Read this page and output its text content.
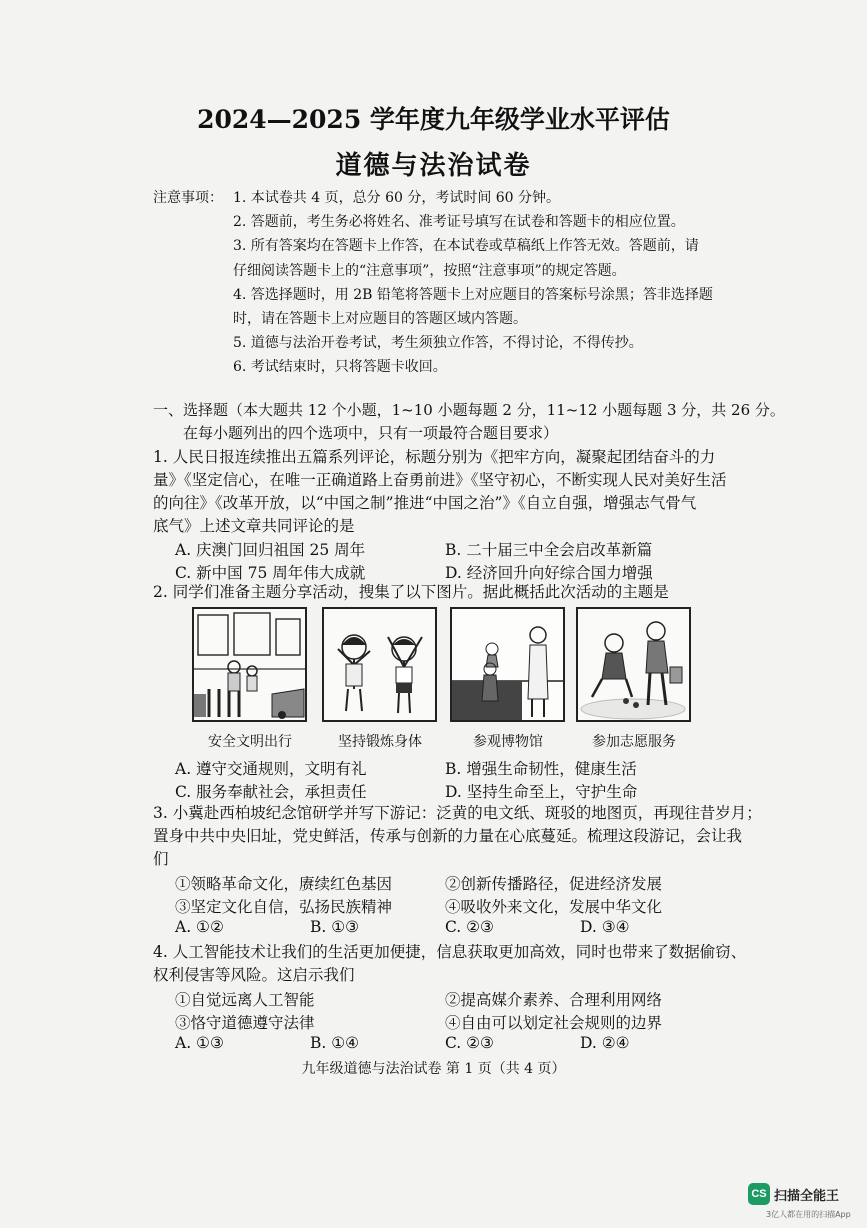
2024—2025 学年度九年级学业水平评估
道德与法治试卷
注意事项： 1. 本试卷共 4 页，总分 60 分，考试时间 60 分钟。
2. 答题前，考生务必将姓名、准考证号填写在试卷和答题卡的相应位置。
3. 所有答案均在答题卡上作答，在本试卷或草稿纸上作答无效。答题前，请
仔细阅读答题卡上的“注意事项”，按照“注意事项”的规定答题。
4. 答选择题时，用 2B 铅笔将答题卡上对应题目的答案标号涂黑；答非选择题
时，请在答题卡上对应题目的答题区域内答题。
5. 道德与法治开卷考试，考生须独立作答，不得讨论，不得传抄。
6. 考试结束时，只将答题卡收回。
一、选择题（本大题共 12 个小题，1~10 小题每题 2 分，11~12 小题每题 3 分，共 26 分。
在每小题列出的四个选项中，只有一项最符合题目要求）
1. 人民日报连续推出五篇系列评论，标题分别为《把牢方向，凝聚起团结奋斗的力
量》《坚定信心，在唯一正确道路上奋勇前进》《坚守初心，不断实现人民对美好生活
的向往》《改革开放，以“中国之制”推进“中国之治”》《自立自强，增强志气骨气
底气》上述文章共同评论的是
A. 庆澳门回归祖国 25 周年	B. 二十届三中全会启改革新篇
C. 新中国 75 周年伟大成就	D. 经济回升向好综合国力增强
2. 同学们准备主题分享活动，搜集了以下图片。据此概括此次活动的主题是
安全文明出行	坚持锻炼身体	参观博物馆	参加志愿服务
A. 遵守交通规则，文明有礼	B. 增强生命韧性，健康生活
C. 服务奉献社会，承担责任	D. 坚持生命至上，守护生命
3. 小冀赴西柏坡纪念馆研学并写下游记：泛黄的电文纸、斑驳的地图页，再现往昔岁月；
置身中共中央旧址，党史鲜活，传承与创新的力量在心底蔓延。梳理这段游记，会让我
们
①领略革命文化，赓续红色基因	②创新传播路径，促进经济发展
③坚定文化自信，弘扬民族精神	④吸收外来文化，发展中华文化
A. ①②	B. ①③	C. ②③	D. ③④
4. 人工智能技术让我们的生活更加便捷，信息获取更加高效，同时也带来了数据偷窃、
权利侵害等风险。这启示我们
①自觉远离人工智能	②提高媒介素养、合理利用网络
③恪守道德遵守法律	④自由可以划定社会规则的边界
A. ①③	B. ①④	C. ②③	D. ②④
九年级道德与法治试卷 第 1 页（共 4 页）
CS 扫描全能王
3亿人都在用的扫描App
